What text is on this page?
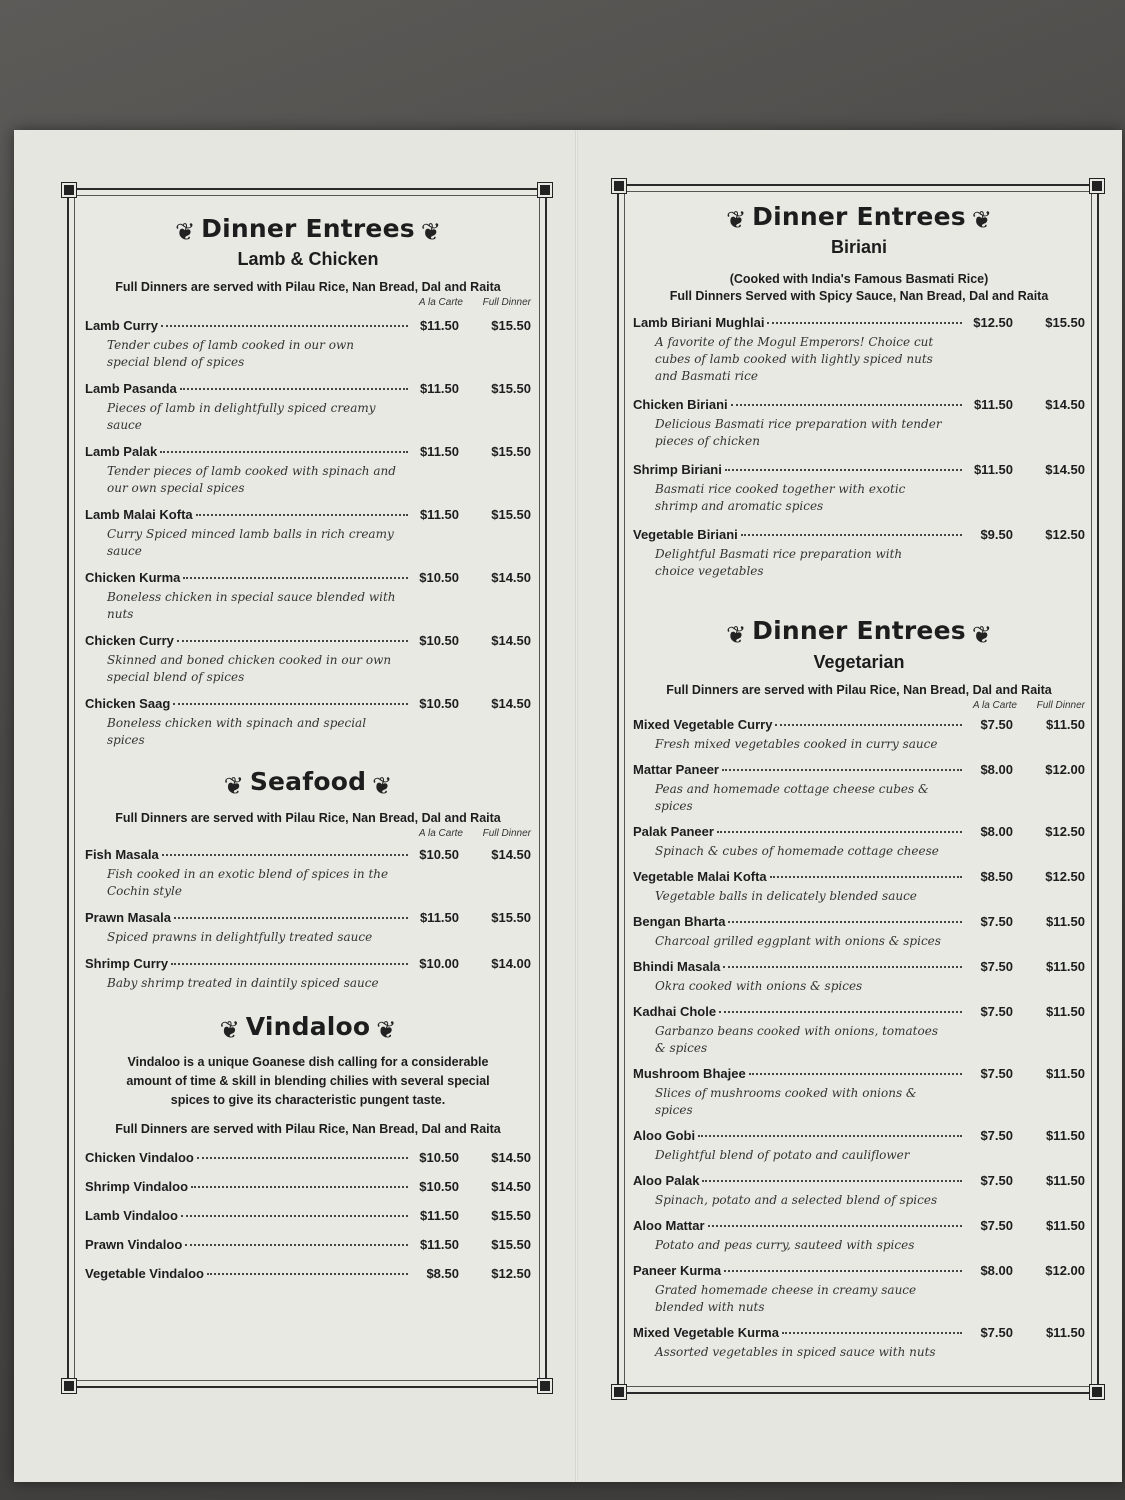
❦ Dinner Entrees ❦
Lamb & Chicken
Full Dinners are served with Pilau Rice, Nan Bread, Dal and Raita
A la Carte	Full Dinner
Lamb Curry	$11.50	$15.50
Tender cubes of lamb cooked in our own special blend of spices
Lamb Pasanda	$11.50	$15.50
Pieces of lamb in delightfully spiced creamy sauce
Lamb Palak	$11.50	$15.50
Tender pieces of lamb cooked with spinach and our own special spices
Lamb Malai Kofta	$11.50	$15.50
Curry Spiced minced lamb balls in rich creamy sauce
Chicken Kurma	$10.50	$14.50
Boneless chicken in special sauce blended with nuts
Chicken Curry	$10.50	$14.50
Skinned and boned chicken cooked in our own special blend of spices
Chicken Saag	$10.50	$14.50
Boneless chicken with spinach and special spices
❦ Seafood ❦
Full Dinners are served with Pilau Rice, Nan Bread, Dal and Raita
A la Carte	Full Dinner
Fish Masala	$10.50	$14.50
Fish cooked in an exotic blend of spices in the Cochin style
Prawn Masala	$11.50	$15.50
Spiced prawns in delightfully treated sauce
Shrimp Curry	$10.00	$14.00
Baby shrimp treated in daintily spiced sauce
❦ Vindaloo ❦
Vindaloo is a unique Goanese dish calling for a considerable amount of time & skill in blending chilies with several special spices to give its characteristic pungent taste.
Full Dinners are served with Pilau Rice, Nan Bread, Dal and Raita
Chicken Vindaloo	$10.50	$14.50
Shrimp Vindaloo	$10.50	$14.50
Lamb Vindaloo	$11.50	$15.50
Prawn Vindaloo	$11.50	$15.50
Vegetable Vindaloo	$8.50	$12.50
❦ Dinner Entrees ❦
Biriani
(Cooked with India's Famous Basmati Rice)
Full Dinners Served with Spicy Sauce, Nan Bread, Dal and Raita
Lamb Biriani Mughlai	$12.50	$15.50
A favorite of the Mogul Emperors! Choice cut cubes of lamb cooked with lightly spiced nuts and Basmati rice
Chicken Biriani	$11.50	$14.50
Delicious Basmati rice preparation with tender pieces of chicken
Shrimp Biriani	$11.50	$14.50
Basmati rice cooked together with exotic shrimp and aromatic spices
Vegetable Biriani	$9.50	$12.50
Delightful Basmati rice preparation with choice vegetables
❦ Dinner Entrees ❦
Vegetarian
Full Dinners are served with Pilau Rice, Nan Bread, Dal and Raita
A la Carte	Full Dinner
Mixed Vegetable Curry	$7.50	$11.50
Fresh mixed vegetables cooked in curry sauce
Mattar Paneer	$8.00	$12.00
Peas and homemade cottage cheese cubes & spices
Palak Paneer	$8.00	$12.50
Spinach & cubes of homemade cottage cheese
Vegetable Malai Kofta	$8.50	$12.50
Vegetable balls in delicately blended sauce
Bengan Bharta	$7.50	$11.50
Charcoal grilled eggplant with onions & spices
Bhindi Masala	$7.50	$11.50
Okra cooked with onions & spices
Kadhai Chole	$7.50	$11.50
Garbanzo beans cooked with onions, tomatoes & spices
Mushroom Bhajee	$7.50	$11.50
Slices of mushrooms cooked with onions & spices
Aloo Gobi	$7.50	$11.50
Delightful blend of potato and cauliflower
Aloo Palak	$7.50	$11.50
Spinach, potato and a selected blend of spices
Aloo Mattar	$7.50	$11.50
Potato and peas curry, sauteed with spices
Paneer Kurma	$8.00	$12.00
Grated homemade cheese in creamy sauce blended with nuts
Mixed Vegetable Kurma	$7.50	$11.50
Assorted vegetables in spiced sauce with nuts
